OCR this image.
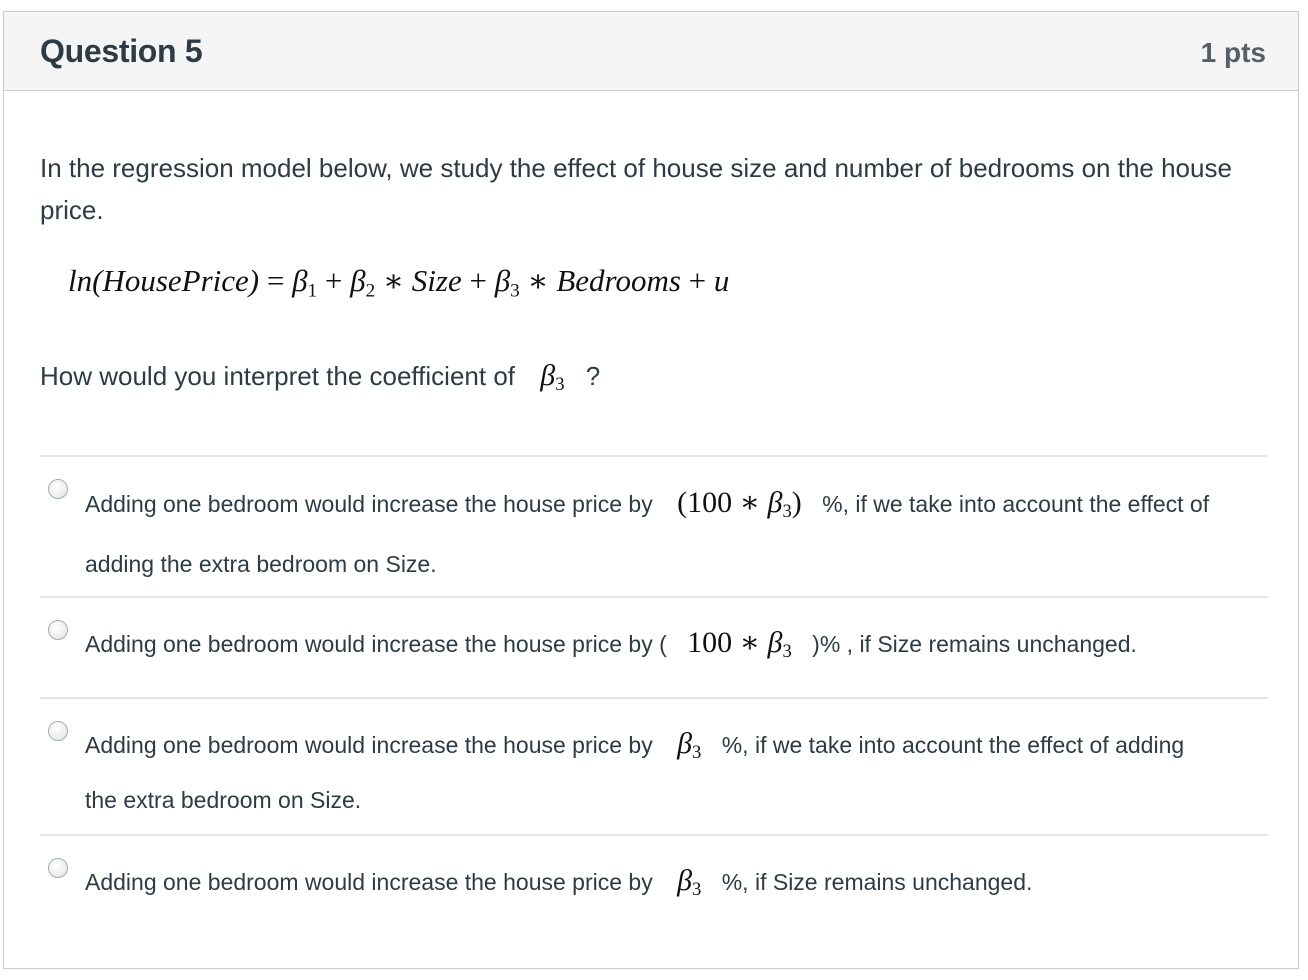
Question 5	1 pts
In the regression model below, we study the effect of house size and number of bedrooms on the house price.
ln(HousePrice) = $\beta_1 + \beta_2$ ∗ Size + $\beta_3$ ∗ Bedrooms + u
How would you interpret the coefficient of $\beta_3$ ?
Adding one bedroom would increase the house price by (100 ∗ $\beta_3$) %, if we take into account the effect of
adding the extra bedroom on Size.
Adding one bedroom would increase the house price by ( 100 ∗ $\beta_3$ )% , if Size remains unchanged.
Adding one bedroom would increase the house price by $\beta_3$ %, if we take into account the effect of adding
the extra bedroom on Size.
Adding one bedroom would increase the house price by $\beta_3$ %, if Size remains unchanged.
